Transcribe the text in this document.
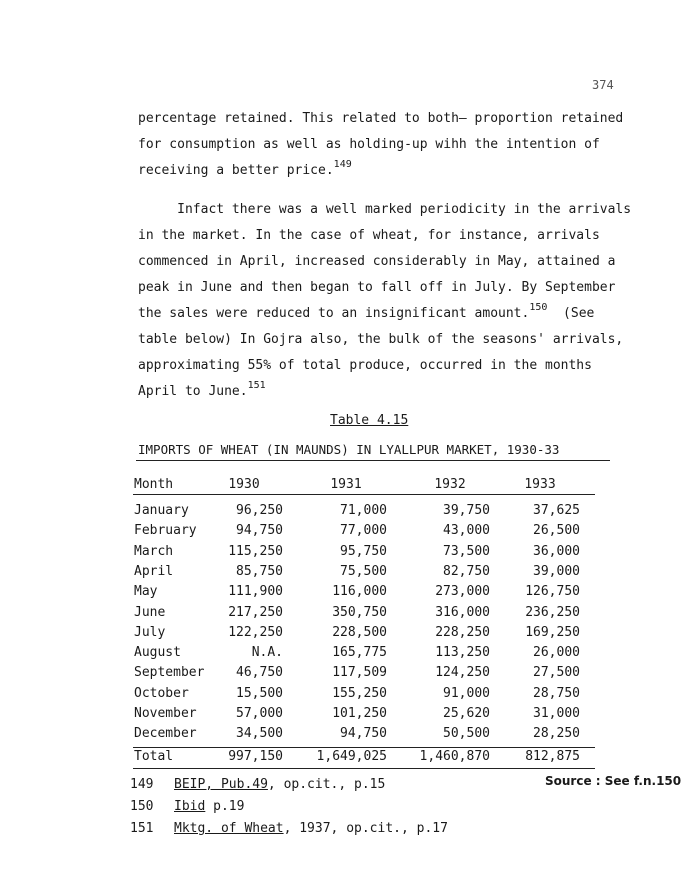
374
percentage retained. This related to both— proportion retained
for consumption as well as holding-up wihh the intention of
receiving a better price.$^{149}$
Infact there was a well marked periodicity in the arrivals
in the market. In the case of wheat, for instance, arrivals
commenced in April, increased considerably in May, attained a
peak in June and then began to fall off in July. By September
the sales were reduced to an insignificant amount.$^{150}$  (See
table below) In Gojra also, the bulk of the seasons' arrivals,
approximating 55% of total produce, occurred in the months
April to June.$^{151}$
Table 4.15
IMPORTS OF WHEAT (IN MAUNDS) IN LYALLPUR MARKET, 1930-33
Month	1930	1931	1932	1933
January	96,250	71,000	39,750	37,625
February	94,750	77,000	43,000	26,500
March	115,250	95,750	73,500	36,000
April	85,750	75,500	82,750	39,000
May	111,900	116,000	273,000	126,750
June	217,250	350,750	316,000	236,250
July	122,250	228,500	228,250	169,250
August	N.A.	165,775	113,250	26,000
September	46,750	117,509	124,250	27,500
October	15,500	155,250	91,000	28,750
November	57,000	101,250	25,620	31,000
December	34,500	94,750	50,500	28,250
Total	997,150	1,649,025	1,460,870	812,875
149 BEIP, Pub.49, op.cit., p.15
150 Ibid p.19
151 Mktg. of Wheat, 1937, op.cit., p.17
Source : See f.n.150
